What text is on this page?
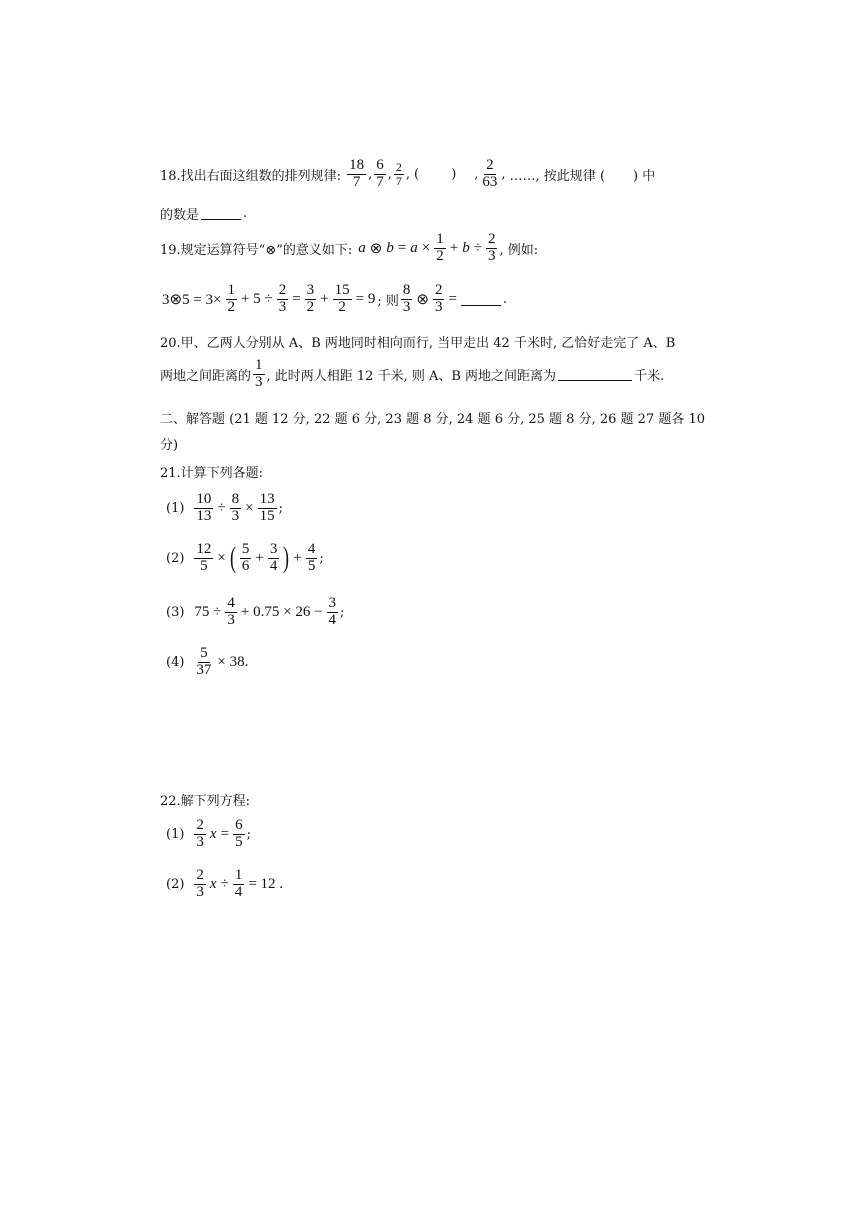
18.找出右面这组数的排列规律: $\frac{18}{7}$ , $\frac{6}{7}$ , $\frac{2}{7}$ , ( ) , $\frac{2}{63}$ , ……, 按此规律 ( ) 中
的数是	.
19.规定运算符号“⊗”的意义如下: a ⊗ $b = a \times \frac{1}{2} + b \div \frac{2}{3}$ , 例如:
3⊗5 = $3\times \frac{1}{2} + 5 \div \frac{2}{3} = \frac{3}{2} + \frac{15}{2} = 9$ ; 则 $\frac{8}{3}$ ⊗ $\frac{2}{3}$ =	.
20.甲、乙两人分别从 A、B 两地同时相向而行, 当甲走出 42 千米时, 乙恰好走完了 A、B
两地之间距离的 $\frac{1}{3}$ , 此时两人相距 12 千米, 则 A、B 两地之间距离为	千米.
二、解答题 (21 题 12 分, 22 题 6 分, 23 题 8 分, 24 题 6 分, 25 题 8 分, 26 题 27 题各 10
分)
21.计算下列各题:
$(1) \frac{10}{13} \div \frac{8}{3} \times \frac{13}{15}$ ;
$(2) \frac{12}{5}$ × ( $\frac{5}{6} + \frac{3}{4}$ ) + $\frac{4}{5}$ ;
(3) $75 \div \frac{4}{3} + 0.75 \times 26 - \frac{3}{4}$ ;
$(4) \frac{5}{37} \times 38$.
22.解下列方程:
$(1) \frac{2}{3}$ $x = \frac{6}{5}$ ;
$(2) \frac{2}{3}$ $x \div \frac{1}{4} = 12$ .
